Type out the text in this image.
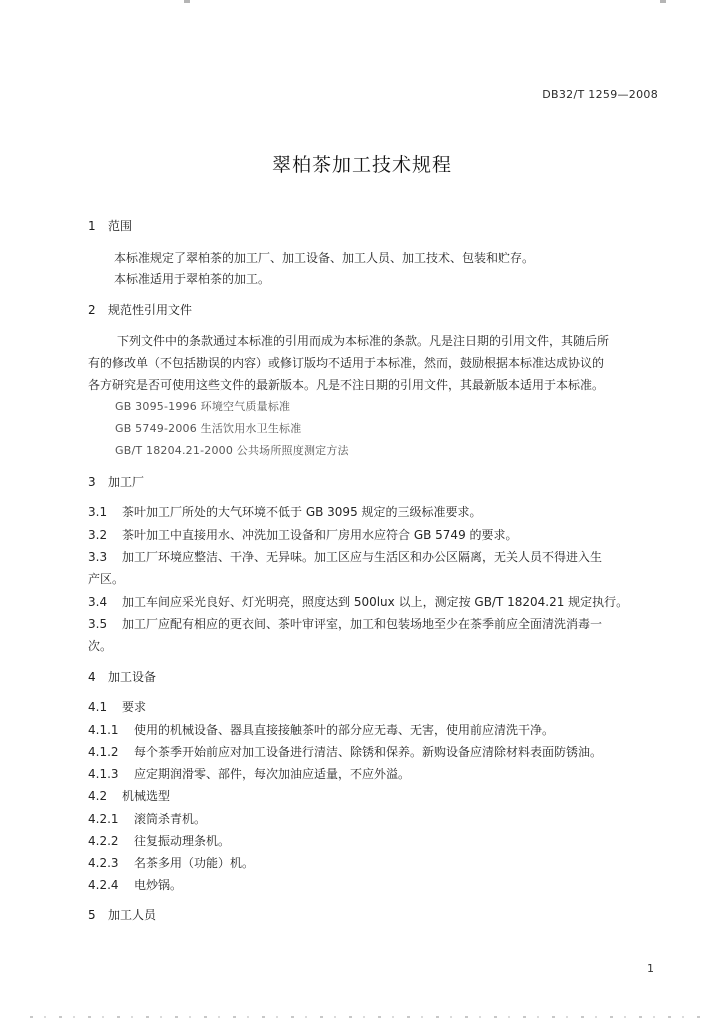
DB32/T 1259—2008
翠柏茶加工技术规程
1 范围
本标准规定了翠柏茶的加工厂、加工设备、加工人员、加工技术、包装和贮存。
本标准适用于翠柏茶的加工。
2 规范性引用文件
下列文件中的条款通过本标准的引用而成为本标准的条款。凡是注日期的引用文件，其随后所
有的修改单（不包括勘误的内容）或修订版均不适用于本标准，然而，鼓励根据本标准达成协议的
各方研究是否可使用这些文件的最新版本。凡是不注日期的引用文件，其最新版本适用于本标准。
GB 3095-1996 环境空气质量标准
GB 5749-2006 生活饮用水卫生标准
GB/T 18204.21-2000 公共场所照度测定方法
3 加工厂
3.1 茶叶加工厂所处的大气环境不低于 GB 3095 规定的三级标准要求。
3.2 茶叶加工中直接用水、冲洗加工设备和厂房用水应符合 GB 5749 的要求。
3.3 加工厂环境应整洁、干净、无异味。加工区应与生活区和办公区隔离，无关人员不得进入生
产区。
3.4 加工车间应采光良好、灯光明亮，照度达到 500lux 以上，测定按 GB/T 18204.21 规定执行。
3.5 加工厂应配有相应的更衣间、茶叶审评室，加工和包装场地至少在茶季前应全面清洗消毒一
次。
4 加工设备
4.1 要求
4.1.1 使用的机械设备、器具直接接触茶叶的部分应无毒、无害，使用前应清洗干净。
4.1.2 每个茶季开始前应对加工设备进行清洁、除锈和保养。新购设备应清除材料表面防锈油。
4.1.3 应定期润滑零、部件，每次加油应适量，不应外溢。
4.2 机械选型
4.2.1 滚筒杀青机。
4.2.2 往复振动理条机。
4.2.3 名茶多用（功能）机。
4.2.4 电炒锅。
5 加工人员
1
